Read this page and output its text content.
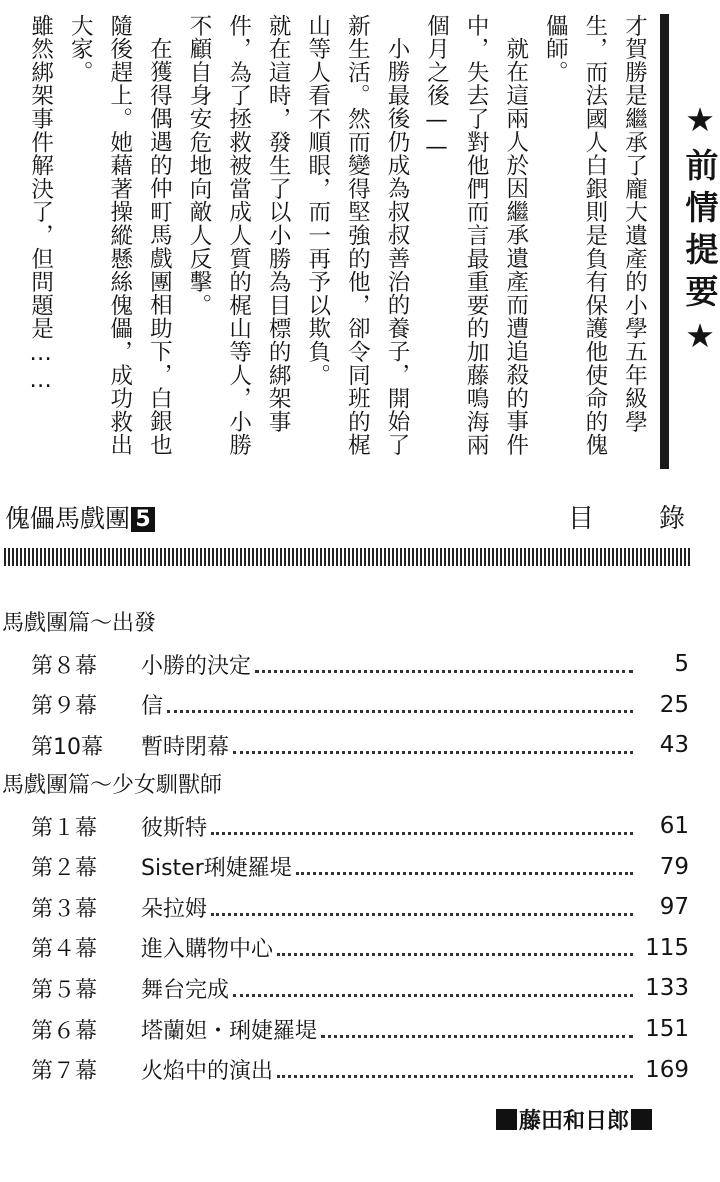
★前情提要★

才賀勝是繼承了龐大遺產的小學五年級學生，而法國人白銀則是負有保護他使命的傀儡師。

就在這兩人於因繼承遺產而遭追殺的事件中，失去了對他們而言最重要的加藤鳴海兩個月之後——

小勝最後仍成為叔叔善治的養子，開始了新生活。然而變得堅強的他，卻令同班的梶山等人看不順眼，而一再予以欺負。

就在這時，發生了以小勝為目標的綁架事件，為了拯救被當成人質的梶山等人，小勝不顧自身安危地向敵人反擊。

在獲得偶遇的仲町馬戲團相助下，白銀也隨後趕上。她藉著操縱懸絲傀儡，成功救出大家。

雖然綁架事件解決了，但問題是……

傀儡馬戲團 5	目 錄
馬戲團篇～出發
第８幕	小勝的決定	5
第９幕	信	25
第10幕	暫時閉幕	43
馬戲團篇～少女馴獸師
第１幕	彼斯特	61
第２幕	Sister琍婕羅堤	79
第３幕	朵拉姆	97
第４幕	進入購物中心	115
第５幕	舞台完成	133
第６幕	塔蘭妲・琍婕羅堤	151
第７幕	火焰中的演出	169
藤田和日郎
